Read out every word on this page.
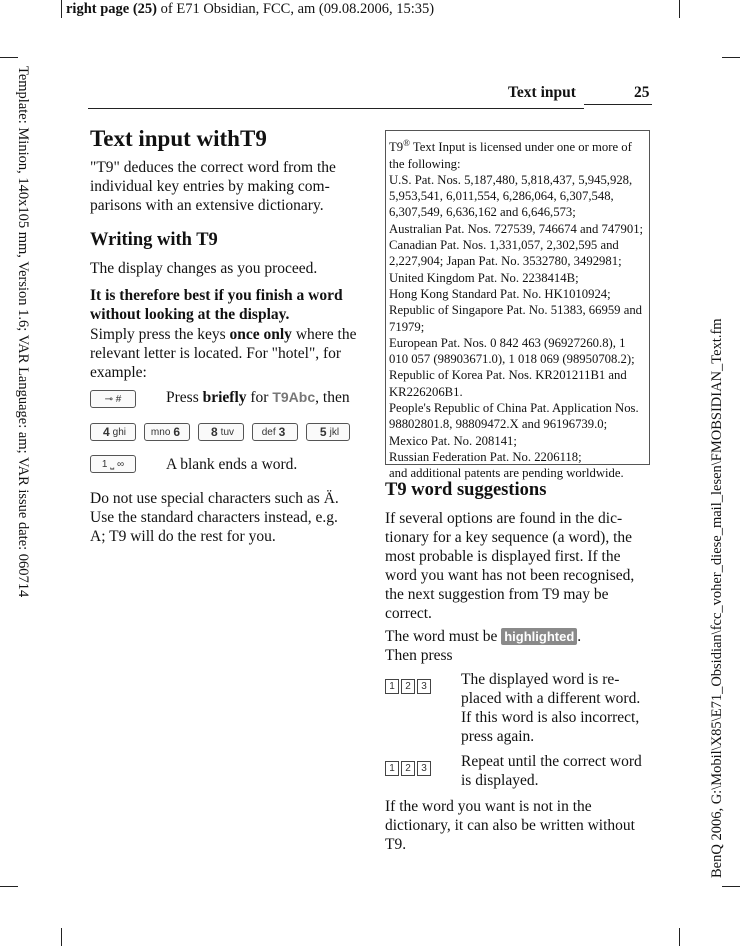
right page (25) of E71 Obsidian, FCC, am (09.08.2006, 15:35)
Template: Minion, 140x105 mm, Version 1.6; VAR Language: am; VAR issue date: 060714	BenQ 2006, G:\Mobil\X85\E71_Obsidian\fcc_voher_diese_mail_lesen\FMOBSIDIAN_Text.fm
Text input	25
Text input withT9

"T9" deduces the correct word from the individual key entries by making com-parisons with an extensive dictionary.

Writing with T9

The display changes as you proceed.

It is therefore best if you finish a word without looking at the display.

Simply press the keys once only where the relevant letter is located. For "hotel", for example:

⊸ #	Press briefly for T9Abc, then

4 ghi mno 6	8 tuv	def 3	5 jkl
1 ⎵ ∞	A blank ends a word.

Do not use special characters such as Ä. Use the standard characters instead, e.g. A; T9 will do the rest for you.

T9® Text Input is licensed under one or more of the following:
U.S. Pat. Nos. 5,187,480, 5,818,437, 5,945,928, 5,953,541, 6,011,554, 6,286,064, 6,307,548, 6,307,549, 6,636,162 and 6,646,573;
Australian Pat. Nos. 727539, 746674 and 747901;
Canadian Pat. Nos. 1,331,057, 2,302,595 and 2,227,904; Japan Pat. No. 3532780, 3492981;
United Kingdom Pat. No. 2238414B;
Hong Kong Standard Pat. No. HK1010924;
Republic of Singapore Pat. No. 51383, 66959 and 71979;
European Pat. Nos. 0 842 463 (96927260.8), 1 010 057 (98903671.0), 1 018 069 (98950708.2);
Republic of Korea Pat. Nos. KR201211B1 and KR226206B1.
People's Republic of China Pat. Application Nos. 98802801.8, 98809472.X and 96196739.0;
Mexico Pat. No. 208141;
Russian Federation Pat. No. 2206118;
and additional patents are pending worldwide.
T9 word suggestions

If several options are found in the dic-tionary for a key sequence (a word), the most probable is displayed first. If the word you want has not been recognised, the next suggestion from T9 may be correct.

The word must be highlighted .

Then press

1 2 3	The displayed word is re-placed with a different word. If this word is also incorrect, press again.

1 2 3	Repeat until the correct word is displayed.

If the word you want is not in the dictionary, it can also be written without T9.
